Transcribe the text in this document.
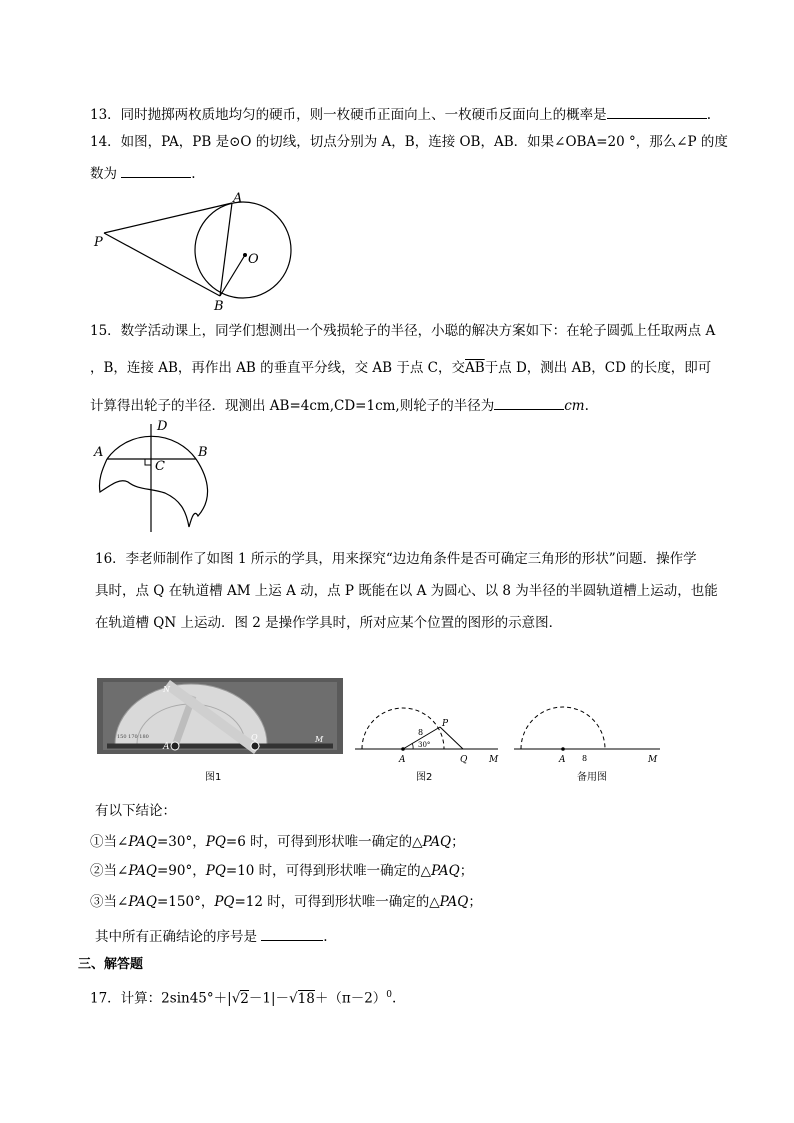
13．同时抛掷两枚质地均匀的硬币，则一枚硬币正面向上、一枚硬币反面向上的概率是	.
14．如图，PA，PB 是⊙O 的切线，切点分别为 A，B，连接 OB，AB．如果∠OBA=20 °，那么∠P 的度
数为	.
P
A
B
O
15．数学活动课上，同学们想测出一个残损轮子的半径，小聪的解决方案如下：在轮子圆弧上任取两点 A
，B，连接 AB，再作出 AB 的垂直平分线，交 AB 于点 C，交$\overline{AB}$于点 D，测出 AB，CD 的长度，即可
计算得出轮子的半径．现测出 AB=4cm,CD=1cm,则轮子的半径为	cm.
A	B
C
D
16．李老师制作了如图 1 所示的学具，用来探究“边边角条件是否可确定三角形的形状”问题．操作学
具时，点 Q 在轨道槽 AM 上运 A 动，点 P 既能在以 A 为圆心、以 8 为半径的半圆轨道槽上运动，也能
在轨道槽 QN 上运动．图 2 是操作学具时，所对应某个位置的图形的示意图．
150 170 180
A
N
Q	M
图1
P
A	Q M
8
30°
图2
A 8	M
备用图
有以下结论：
①当∠PAQ=30°，PQ=6 时，可得到形状唯一确定的△PAQ；
②当∠PAQ=90°，PQ=10 时，可得到形状唯一确定的△PAQ；
③当∠PAQ=150°，PQ=12 时，可得到形状唯一确定的△PAQ；
其中所有正确结论的序号是	.
三、解答题
17．计算：$2\sin 45^\circ+|√2-1|-√18+(\pi-2)^0$.
